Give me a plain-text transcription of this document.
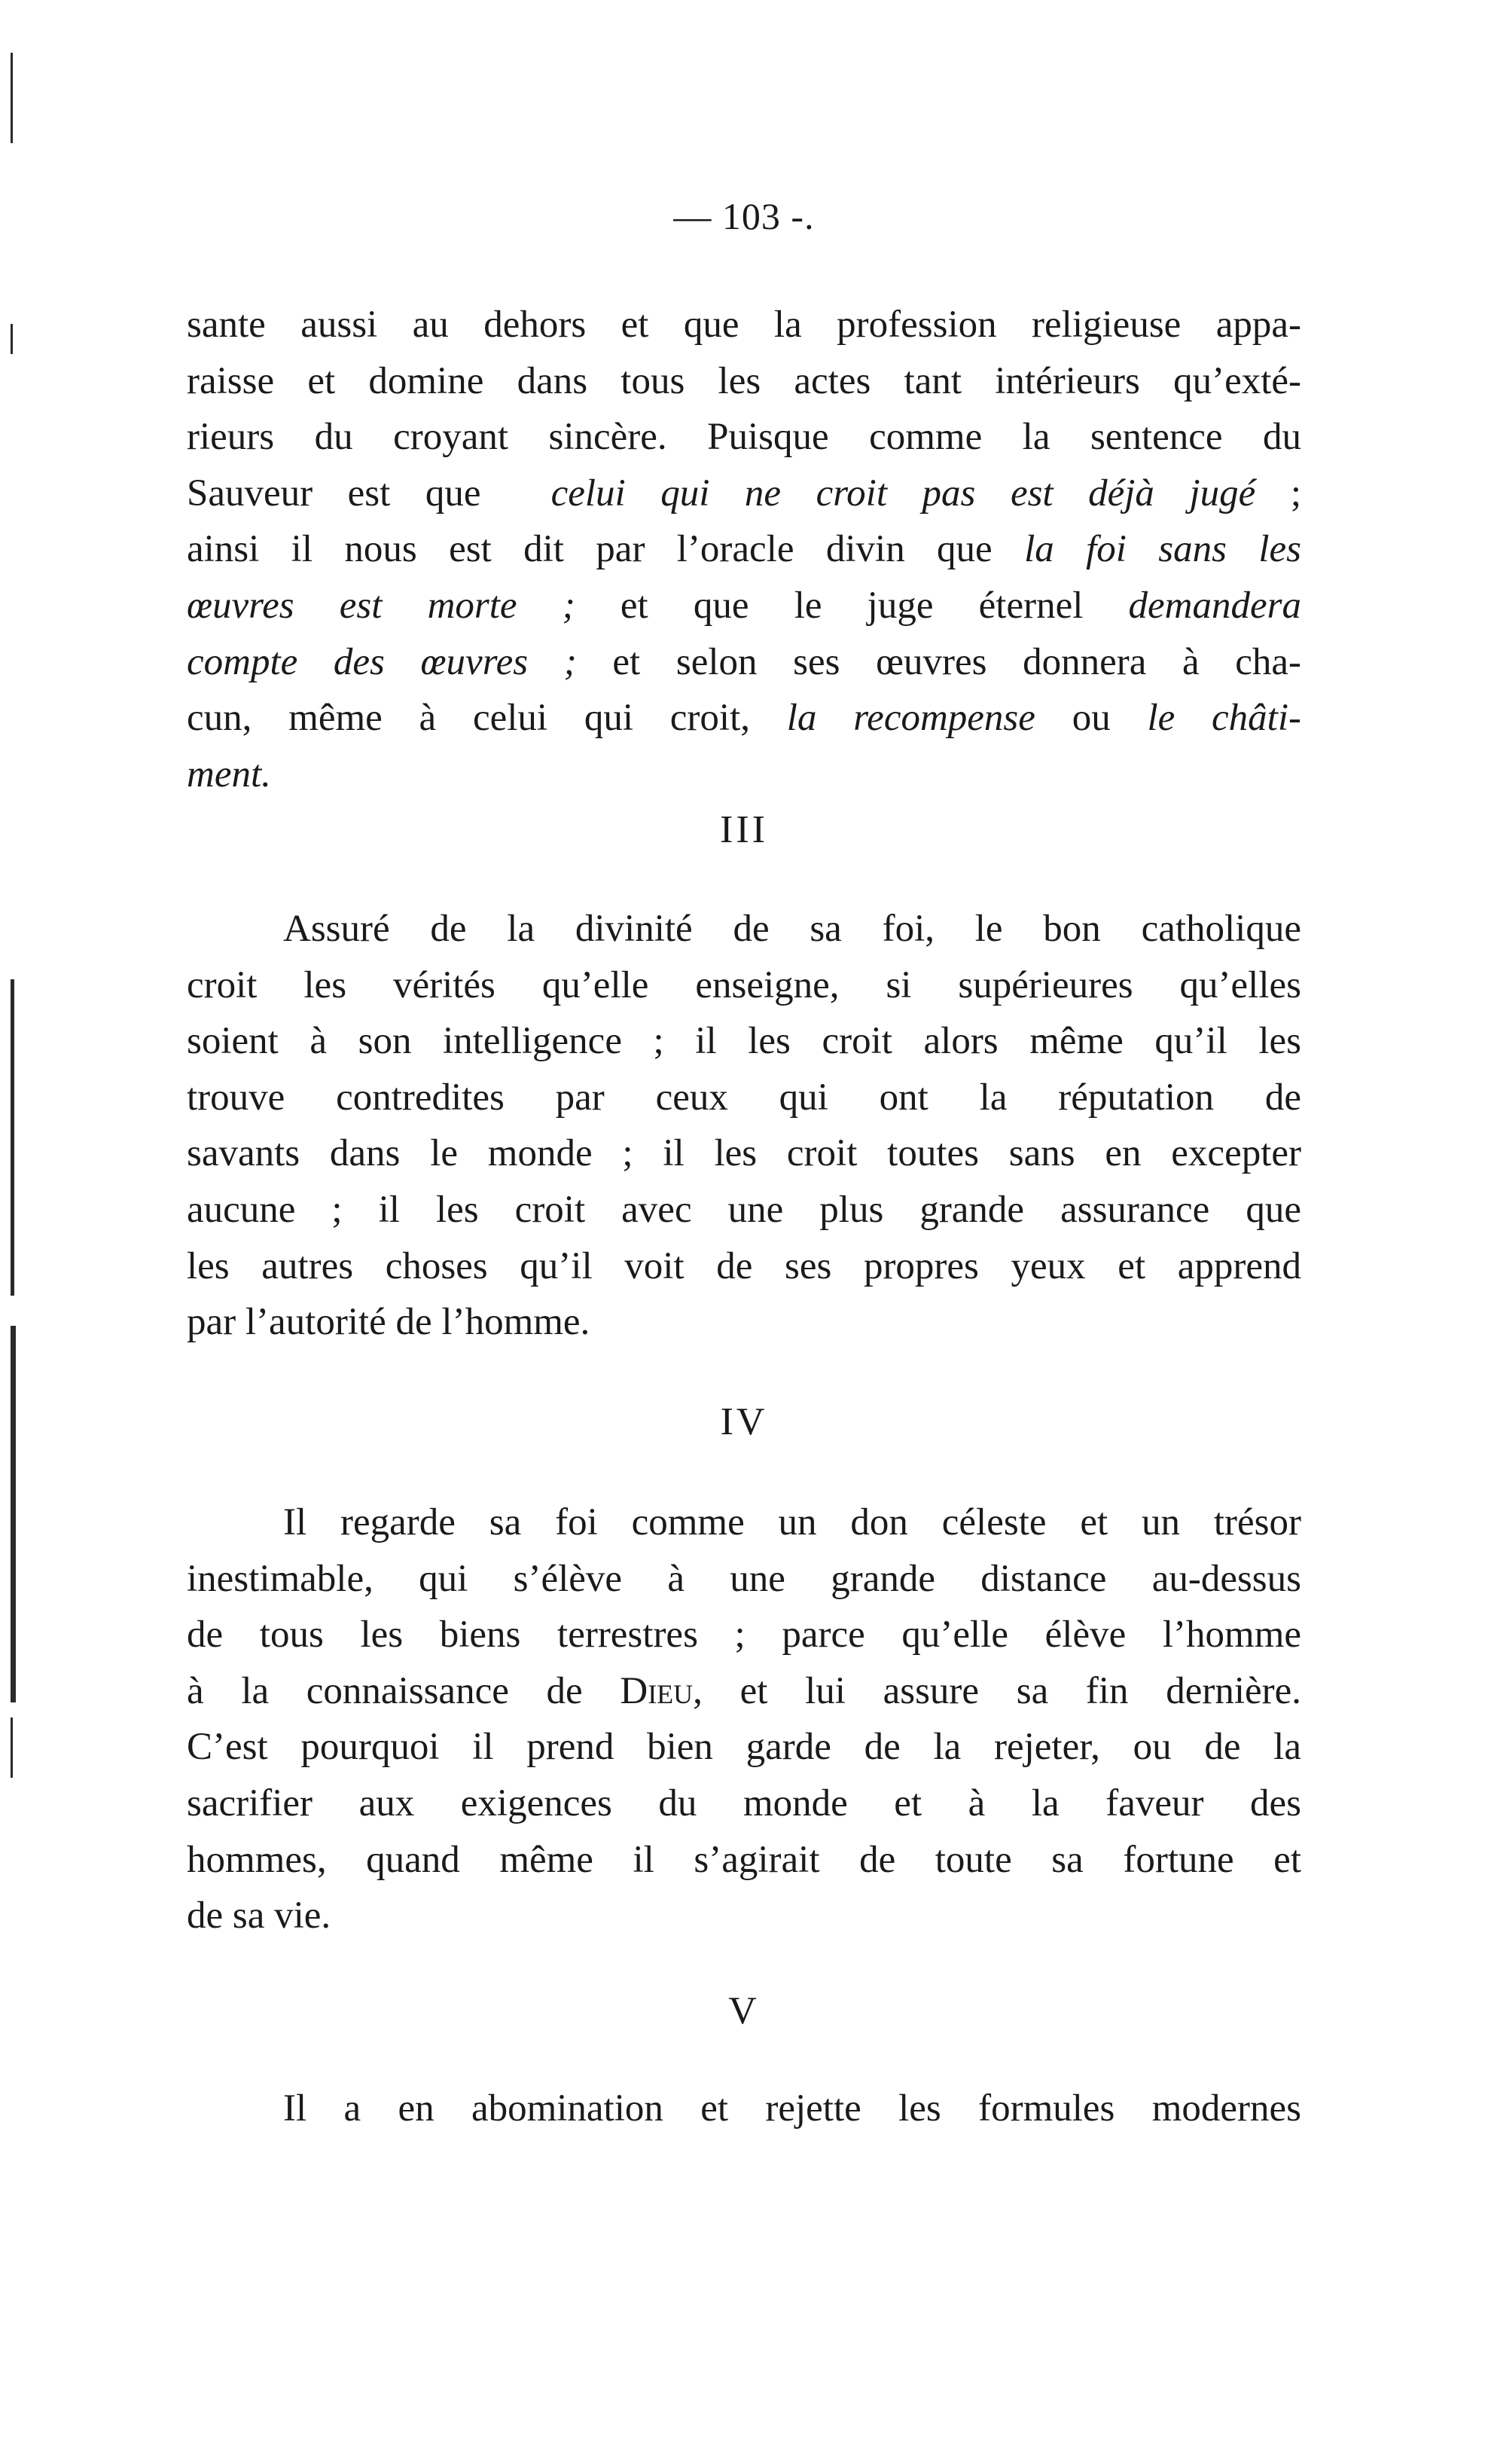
— 103 -.

sante aussi au dehors et que la profession religieuse appa-
raisse et domine dans tous les actes tant intérieurs qu’exté-
rieurs du croyant sincère. Puisque comme la sentence du
Sauveur est que celui qui ne croit pas est déjà jugé ;
ainsi il nous est dit par l’oracle divin que la foi sans les
œuvres est morte ; et que le juge éternel demandera
compte des œuvres ; et selon ses œuvres donnera à cha-
cun, même à celui qui croit, la recompense ou le châti-
ment.

III

Assuré de la divinité de sa foi, le bon catholique
croit les vérités qu’elle enseigne, si supérieures qu’elles
soient à son intelligence ; il les croit alors même qu’il les
trouve contredites par ceux qui ont la réputation de
savants dans le monde ; il les croit toutes sans en excepter
aucune ; il les croit avec une plus grande assurance que
les autres choses qu’il voit de ses propres yeux et apprend
par l’autorité de l’homme.

IV

Il regarde sa foi comme un don céleste et un trésor
inestimable, qui s’élève à une grande distance au-dessus
de tous les biens terrestres ; parce qu’elle élève l’homme
à la connaissance de Dieu, et lui assure sa fin dernière.
C’est pourquoi il prend bien garde de la rejeter, ou de la
sacrifier aux exigences du monde et à la faveur des
hommes, quand même il s’agirait de toute sa fortune et
de sa vie.

V

Il a en abomination et rejette les formules modernes
